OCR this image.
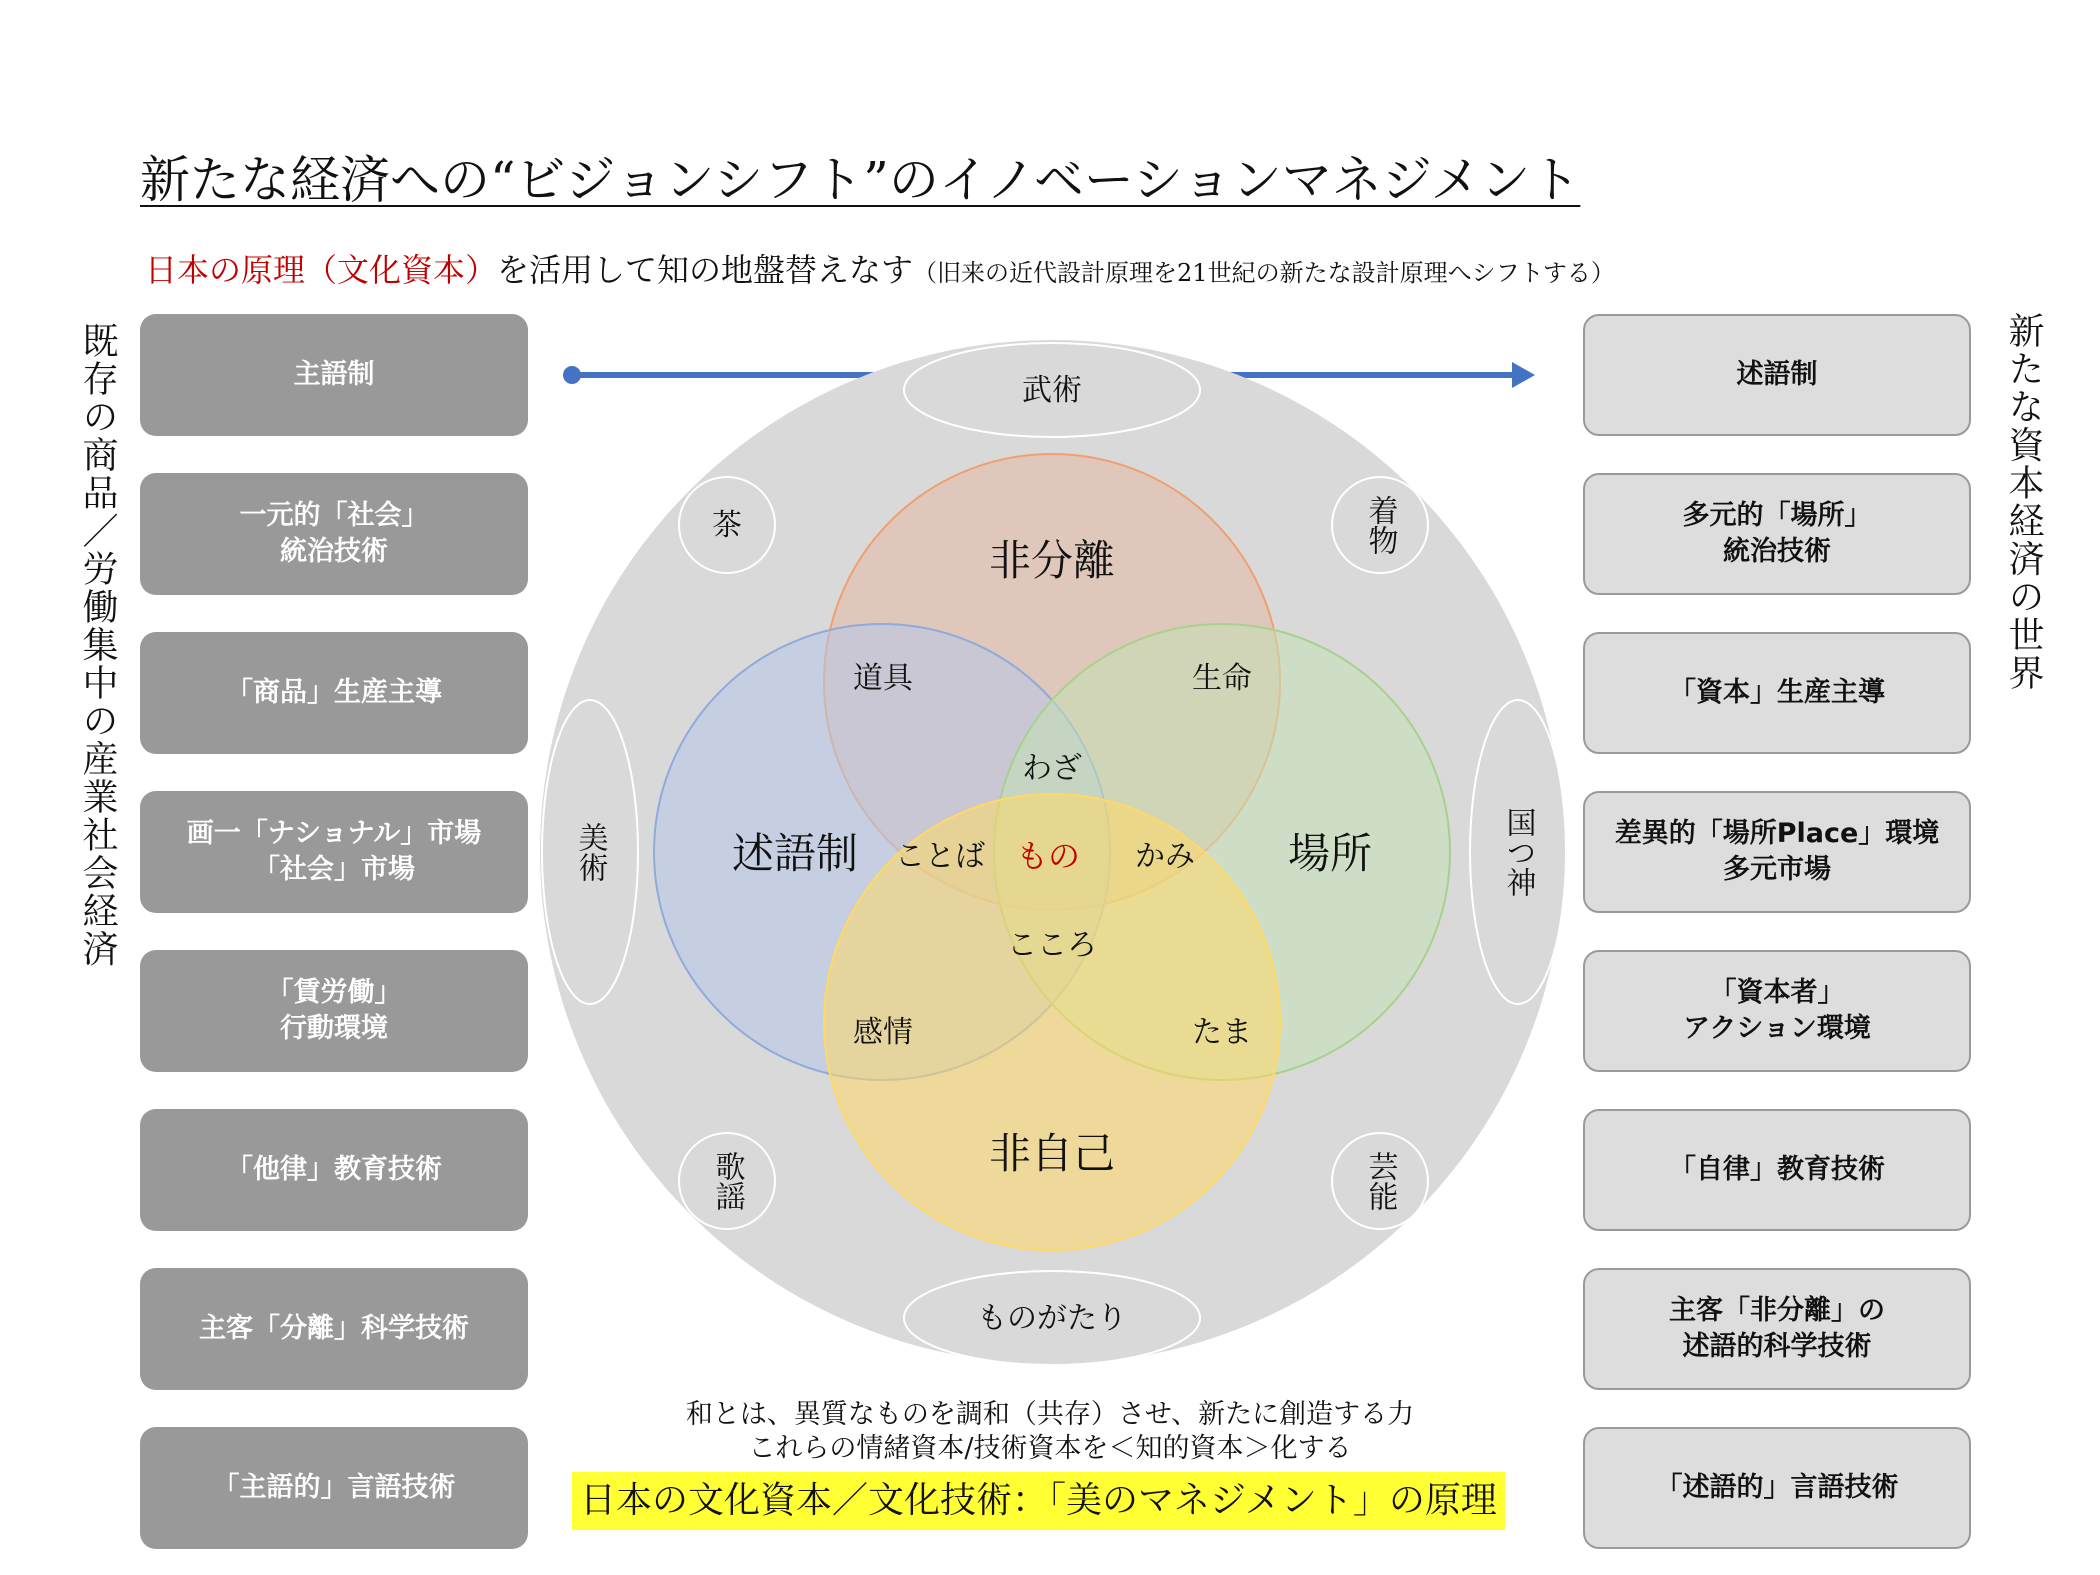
新たな経済への“ビジョンシフト”のイノベーションマネジメント
日本の原理（文化資本）を活用して知の地盤替えなす（旧来の近代設計原理を21世紀の新たな設計原理へシフトする）
既存の商品／労働集中の産業社会経済	新たな資本経済の世界
主語制
一元的「社会」
統治技術
「商品」生産主導
画一「ナショナル」市場
「社会」市場
「賃労働」
行動環境
「他律」教育技術
主客「分離」科学技術
「主語的」言語技術
述語制
多元的「場所」
統治技術
「資本」生産主導
差異的「場所Place」環境
多元市場
「資本者」
アクション環境
「自律」教育技術
主客「非分離」の
述語的科学技術
「述語的」言語技術
武術
ものがたり
美術	国つ神
茶	着物
歌謡	芸能
非分離
述語制	場所
非自己
道具	生命
感情	たま
わざ
こころ
ことば	かみ
もの
和とは、異質なものを調和（共存）させ、新たに創造する力
これらの情緒資本/技術資本を＜知的資本＞化する
日本の文化資本／文化技術：「美のマネジメント」の原理
